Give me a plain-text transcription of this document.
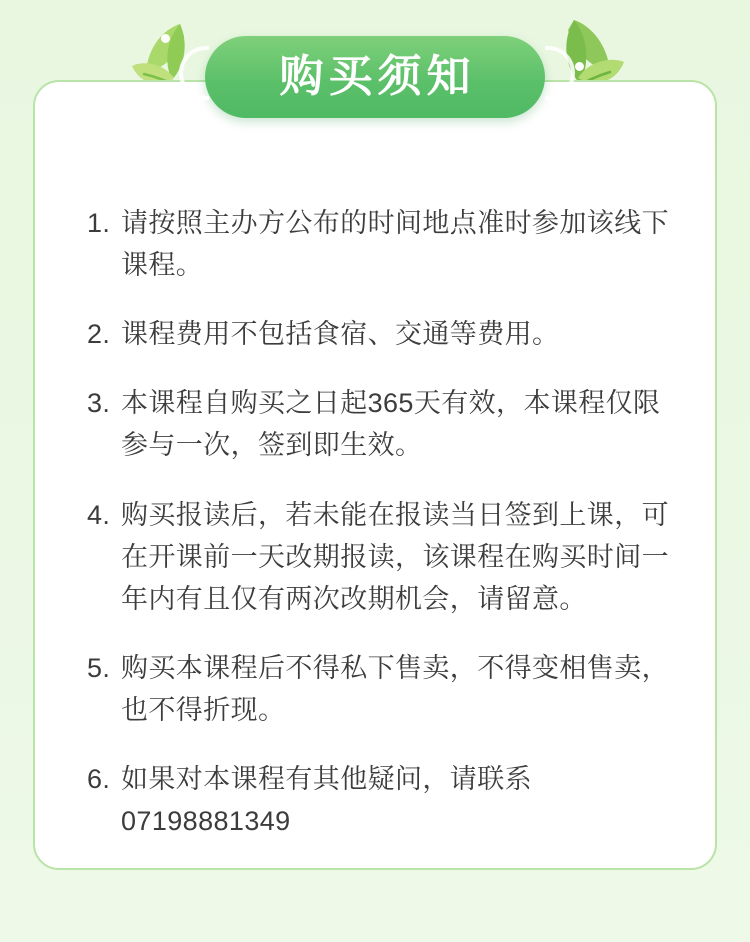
请按照主办方公布的时间地点准时参加该线下课程。
课程费用不包括食宿、交通等费用。
本课程自购买之日起365天有效，本课程仅限参与一次，签到即生效。
购买报读后，若未能在报读当日签到上课，可在开课前一天改期报读，该课程在购买时间一年内有且仅有两次改期机会，请留意。
购买本课程后不得私下售卖，不得变相售卖，也不得折现。
如果对本课程有其他疑问，请联系 07198881349
购买须知
